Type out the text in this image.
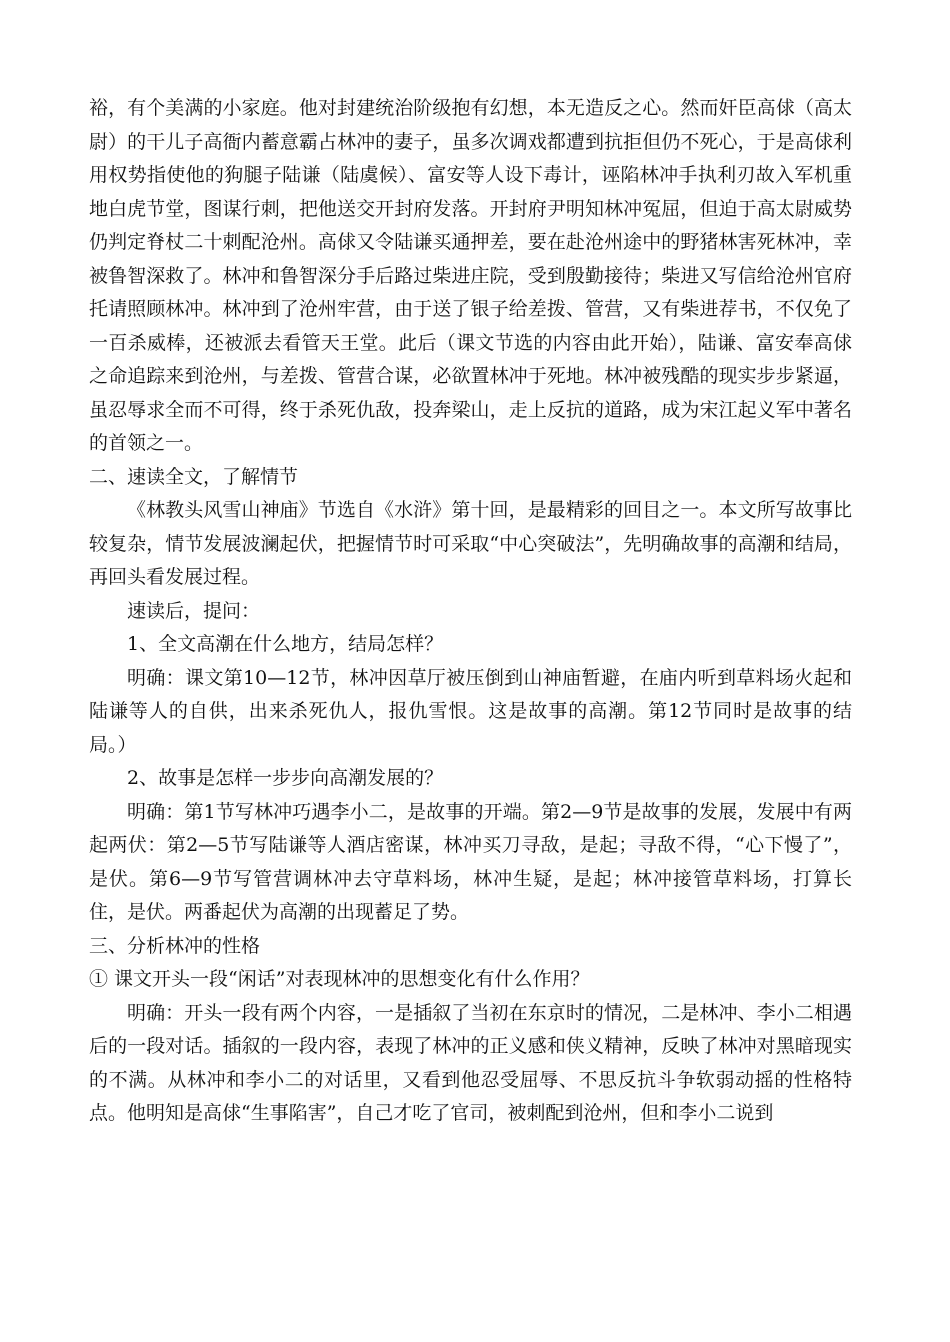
裕，有个美满的小家庭。他对封建统治阶级抱有幻想，本无造反之心。然而奸臣高俅（高太尉）的干儿子高衙内蓄意霸占林冲的妻子，虽多次调戏都遭到抗拒但仍不死心，于是高俅利用权势指使他的狗腿子陆谦（陆虞候）、富安等人设下毒计，诬陷林冲手执利刃故入军机重地白虎节堂，图谋行刺，把他送交开封府发落。开封府尹明知林冲冤屈，但迫于高太尉威势仍判定脊杖二十刺配沧州。高俅又令陆谦买通押差，要在赴沧州途中的野猪林害死林冲，幸被鲁智深救了。林冲和鲁智深分手后路过柴进庄院，受到殷勤接待；柴进又写信给沧州官府托请照顾林冲。林冲到了沧州牢营，由于送了银子给差拨、管营，又有柴进荐书，不仅免了一百杀威棒，还被派去看管天王堂。此后（课文节选的内容由此开始），陆谦、富安奉高俅之命追踪来到沧州，与差拨、管营合谋，必欲置林冲于死地。林冲被残酷的现实步步紧逼，虽忍辱求全而不可得，终于杀死仇敌，投奔梁山，走上反抗的道路，成为宋江起义军中著名的首领之一。

二、速读全文，了解情节

《林教头风雪山神庙》节选自《水浒》第十回，是最精彩的回目之一。本文所写故事比较复杂，情节发展波澜起伏，把握情节时可采取“中心突破法”，先明确故事的高潮和结局，再回头看发展过程。

速读后，提问：

1、全文高潮在什么地方，结局怎样？

明确：课文第10—12节，林冲因草厅被压倒到山神庙暂避，在庙内听到草料场火起和陆谦等人的自供，出来杀死仇人，报仇雪恨。这是故事的高潮。第12节同时是故事的结局。）

2、故事是怎样一步步向高潮发展的？

明确：第1节写林冲巧遇李小二，是故事的开端。第2—9节是故事的发展，发展中有两起两伏：第2—5节写陆谦等人酒店密谋，林冲买刀寻敌，是起；寻敌不得，“心下慢了”，是伏。第6—9节写管营调林冲去守草料场，林冲生疑，是起；林冲接管草料场，打算长住，是伏。两番起伏为高潮的出现蓄足了势。

三、分析林冲的性格

① 课文开头一段“闲话”对表现林冲的思想变化有什么作用？

明确：开头一段有两个内容，一是插叙了当初在东京时的情况，二是林冲、李小二相遇后的一段对话。插叙的一段内容，表现了林冲的正义感和侠义精神，反映了林冲对黑暗现实的不满。从林冲和李小二的对话里，又看到他忍受屈辱、不思反抗斗争软弱动摇的性格特点。他明知是高俅“生事陷害”，自己才吃了官司，被刺配到沧州，但和李小二说到
